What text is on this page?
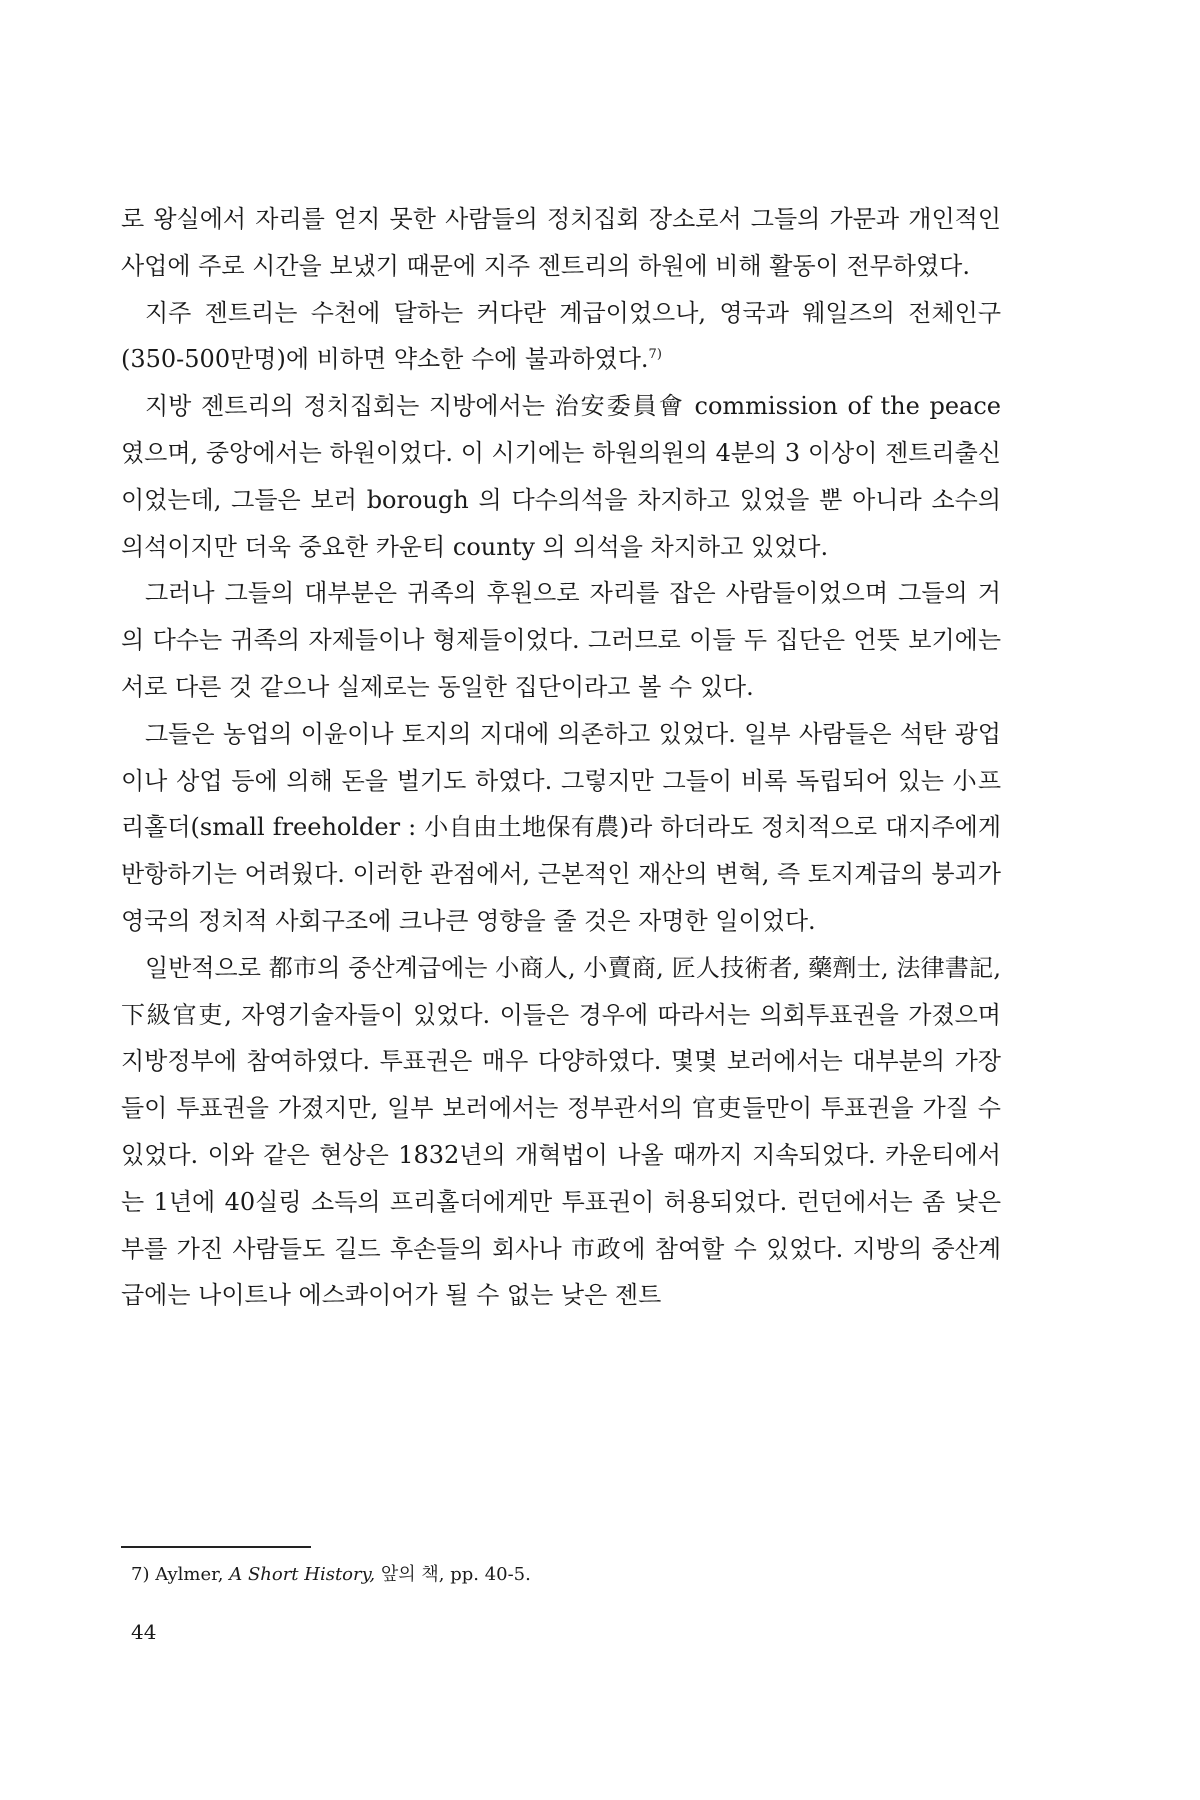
로 왕실에서 자리를 얻지 못한 사람들의 정치집회 장소로서 그들의 가문과 개인적인 사업에 주로 시간을 보냈기 때문에 지주 젠트리의 하원에 비해 활동이 전무하였다.

지주 젠트리는 수천에 달하는 커다란 계급이었으나, 영국과 웨일즈의 전체인구(350-500만명)에 비하면 약소한 수에 불과하였다.$^{7)}$

지방 젠트리의 정치집회는 지방에서는 治安委員會 commission of the peace 였으며, 중앙에서는 하원이었다. 이 시기에는 하원의원의 4분의 3 이상이 젠트리출신이었는데, 그들은 보러 borough 의 다수의석을 차지하고 있었을 뿐 아니라 소수의 의석이지만 더욱 중요한 카운티 county 의 의석을 차지하고 있었다.

그러나 그들의 대부분은 귀족의 후원으로 자리를 잡은 사람들이었으며 그들의 거의 다수는 귀족의 자제들이나 형제들이었다. 그러므로 이들 두 집단은 언뜻 보기에는 서로 다른 것 같으나 실제로는 동일한 집단이라고 볼 수 있다.

그들은 농업의 이윤이나 토지의 지대에 의존하고 있었다. 일부 사람들은 석탄 광업이나 상업 등에 의해 돈을 벌기도 하였다. 그렇지만 그들이 비록 독립되어 있는 小프리홀더(small freeholder : 小自由土地保有農)라 하더라도 정치적으로 대지주에게 반항하기는 어려웠다. 이러한 관점에서, 근본적인 재산의 변혁, 즉 토지계급의 붕괴가 영국의 정치적 사회구조에 크나큰 영향을 줄 것은 자명한 일이었다.

일반적으로 都市의 중산계급에는 小商人, 小賣商, 匠人技術者, 藥劑士, 法律書記, 下級官吏, 자영기술자들이 있었다. 이들은 경우에 따라서는 의회투표권을 가졌으며 지방정부에 참여하였다. 투표권은 매우 다양하였다. 몇몇 보러에서는 대부분의 가장들이 투표권을 가졌지만, 일부 보러에서는 정부관서의 官吏들만이 투표권을 가질 수 있었다. 이와 같은 현상은 1832년의 개혁법이 나올 때까지 지속되었다. 카운티에서는 1년에 40실링 소득의 프리홀더에게만 투표권이 허용되었다. 런던에서는 좀 낮은 부를 가진 사람들도 길드 후손들의 회사나 市政에 참여할 수 있었다. 지방의 중산계급에는 나이트나 에스콰이어가 될 수 없는 낮은 젠트

7) Aylmer, A Short History, 앞의 책, pp. 40-5.
44
